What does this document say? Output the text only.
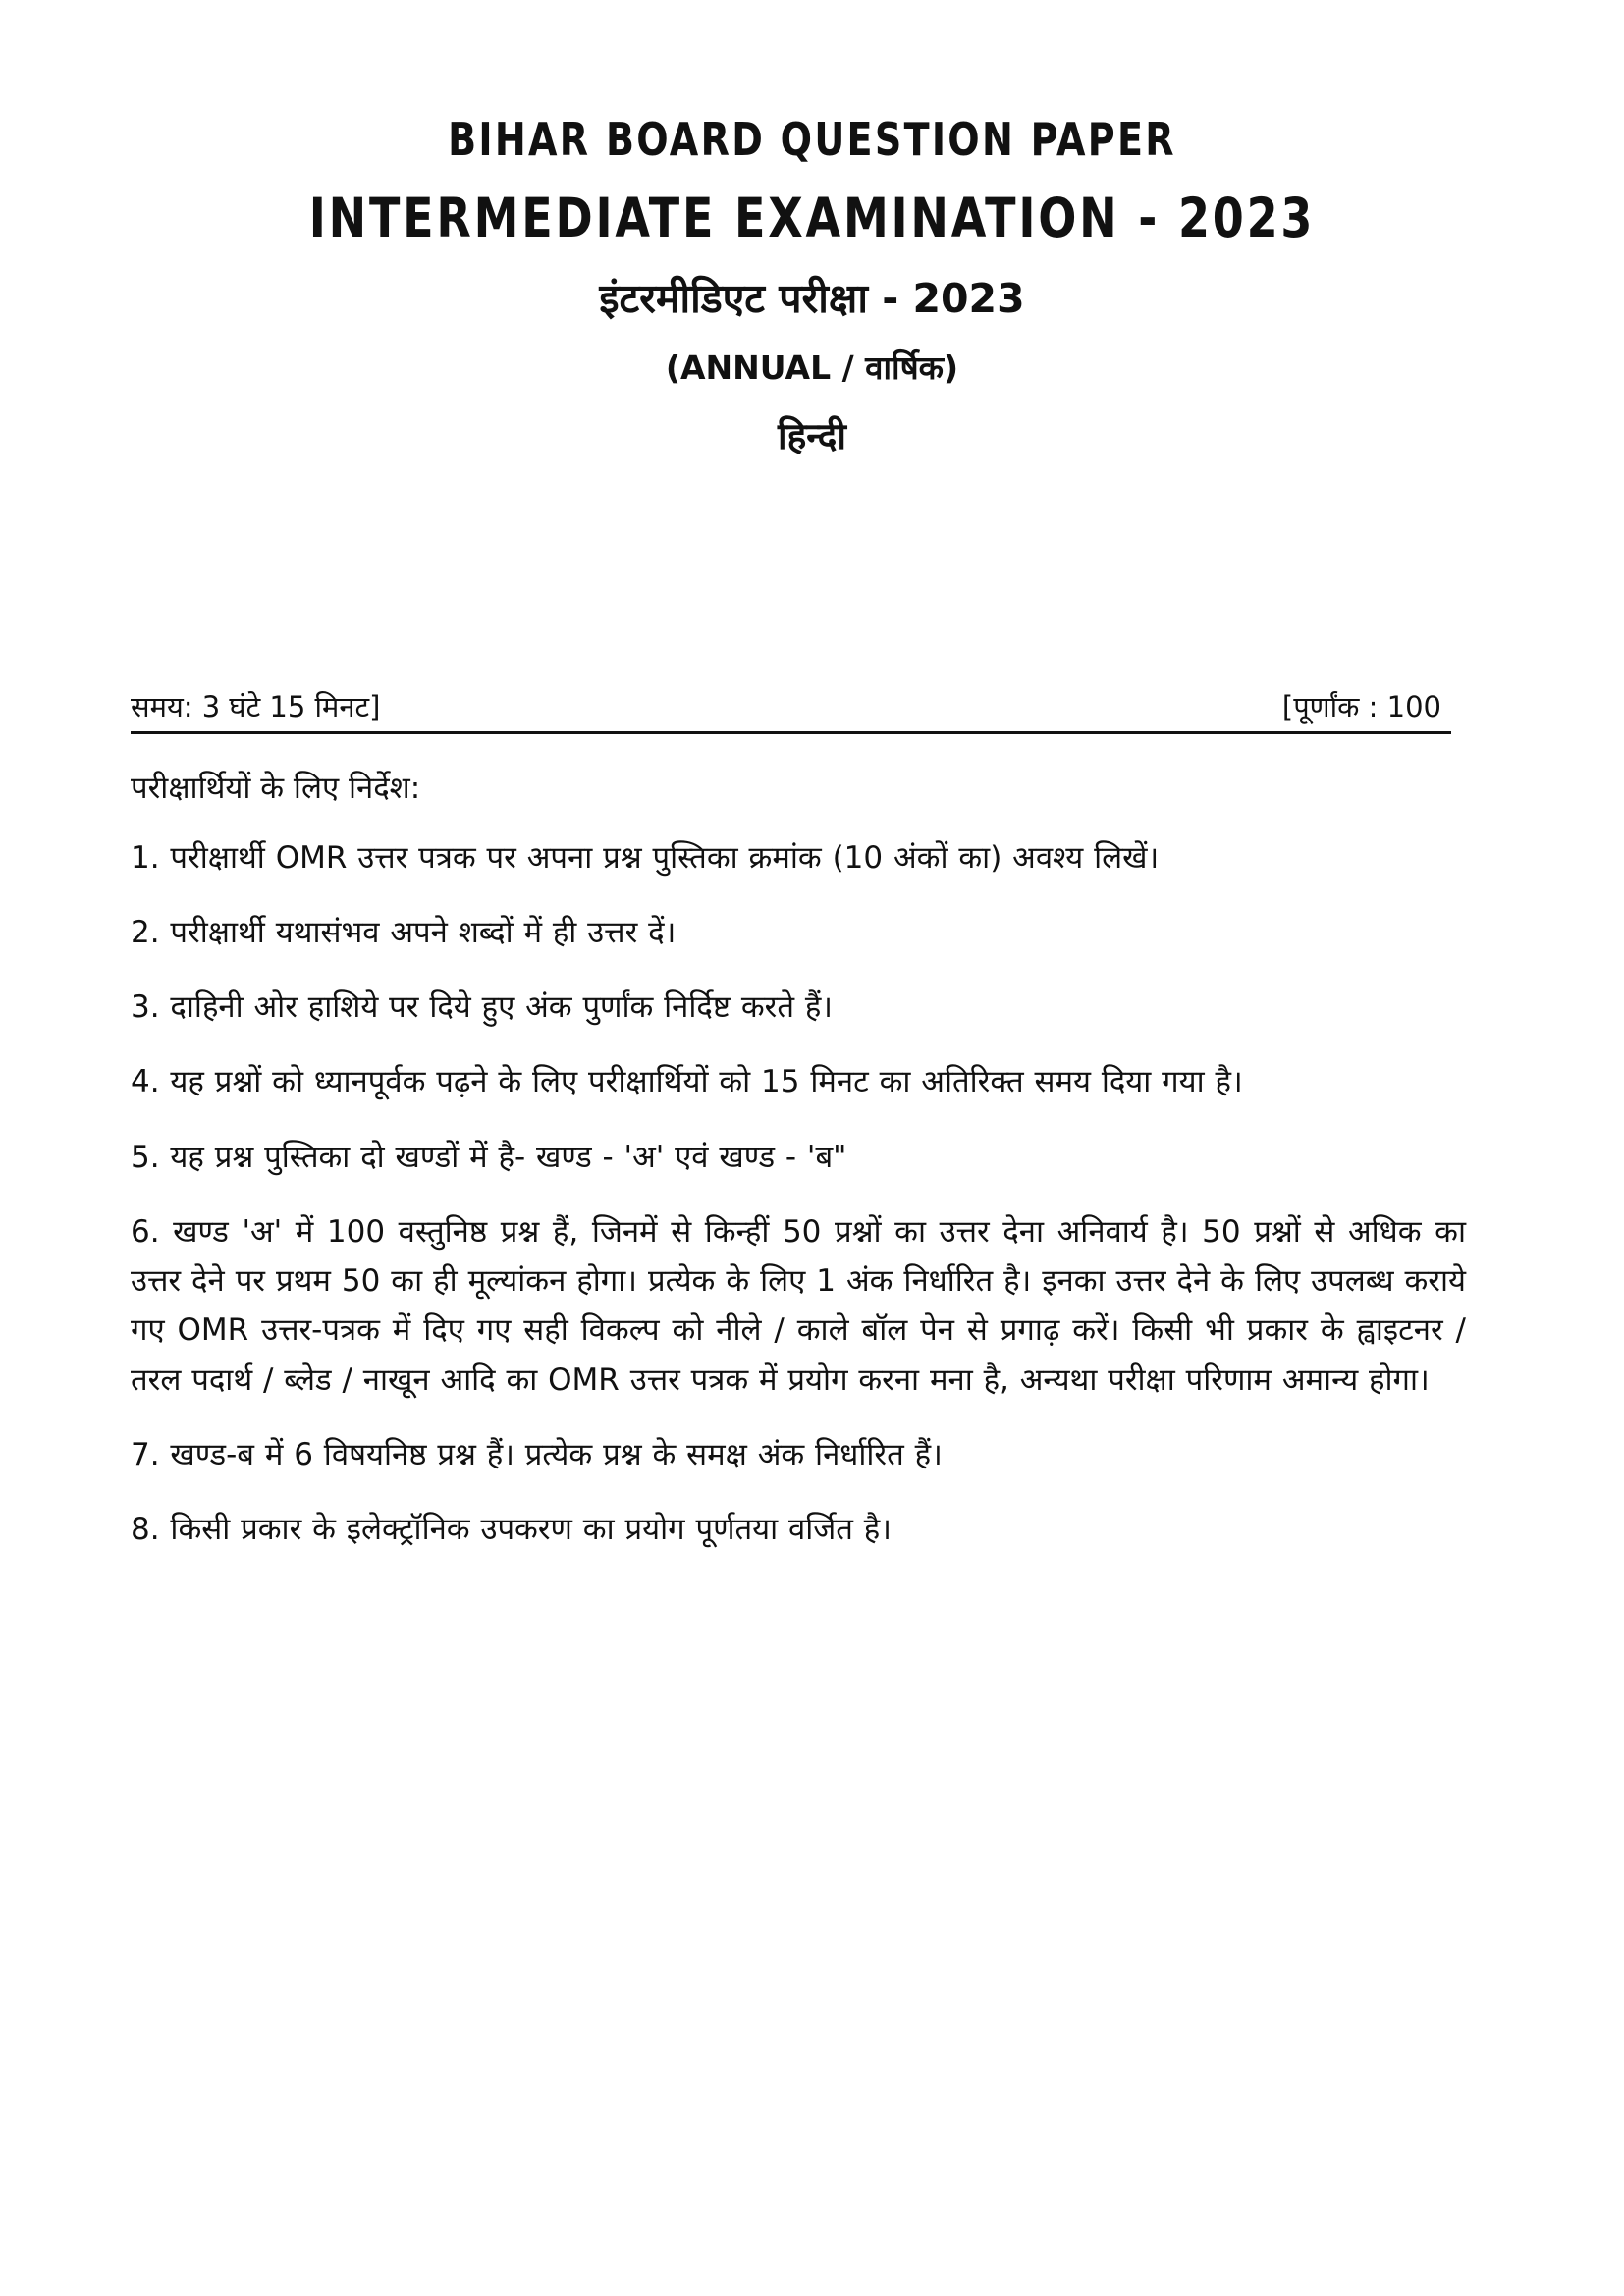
BIHAR BOARD QUESTION PAPER
INTERMEDIATE EXAMINATION - 2023
इंटरमीडिएट परीक्षा - 2023
(ANNUAL / वार्षिक)
हिन्दी
समय: 3 घंटे 15 मिनट]	[पूर्णांक : 100
परीक्षार्थियों के लिए निर्देश:
1. परीक्षार्थी OMR उत्तर पत्रक पर अपना प्रश्न पुस्तिका क्रमांक (10 अंकों का) अवश्य लिखें।
2. परीक्षार्थी यथासंभव अपने शब्दों में ही उत्तर दें।
3. दाहिनी ओर हाशिये पर दिये हुए अंक पुर्णांक निर्दिष्ट करते हैं।
4. यह प्रश्नों को ध्यानपूर्वक पढ़ने के लिए परीक्षार्थियों को 15 मिनट का अतिरिक्त समय दिया गया है।
5. यह प्रश्न पुस्तिका दो खण्डों में है- खण्ड - 'अ' एवं खण्ड - 'ब"
6. खण्ड 'अ' में 100 वस्तुनिष्ठ प्रश्न हैं, जिनमें से किन्हीं 50 प्रश्नों का उत्तर देना अनिवार्य है। 50 प्रश्नों से अधिक का उत्तर देने पर प्रथम 50 का ही मूल्यांकन होगा। प्रत्येक के लिए 1 अंक निर्धारित है। इनका उत्तर देने के लिए उपलब्ध कराये गए OMR उत्तर-पत्रक में दिए गए सही विकल्प को नीले / काले बॉल पेन से प्रगाढ़ करें। किसी भी प्रकार के ह्वाइटनर / तरल पदार्थ / ब्लेड / नाखून आदि का OMR उत्तर पत्रक में प्रयोग करना मना है, अन्यथा परीक्षा परिणाम अमान्य होगा।
7. खण्ड-ब में 6 विषयनिष्ठ प्रश्न हैं। प्रत्येक प्रश्न के समक्ष अंक निर्धारित हैं।
8. किसी प्रकार के इलेक्ट्रॉनिक उपकरण का प्रयोग पूर्णतया वर्जित है।
